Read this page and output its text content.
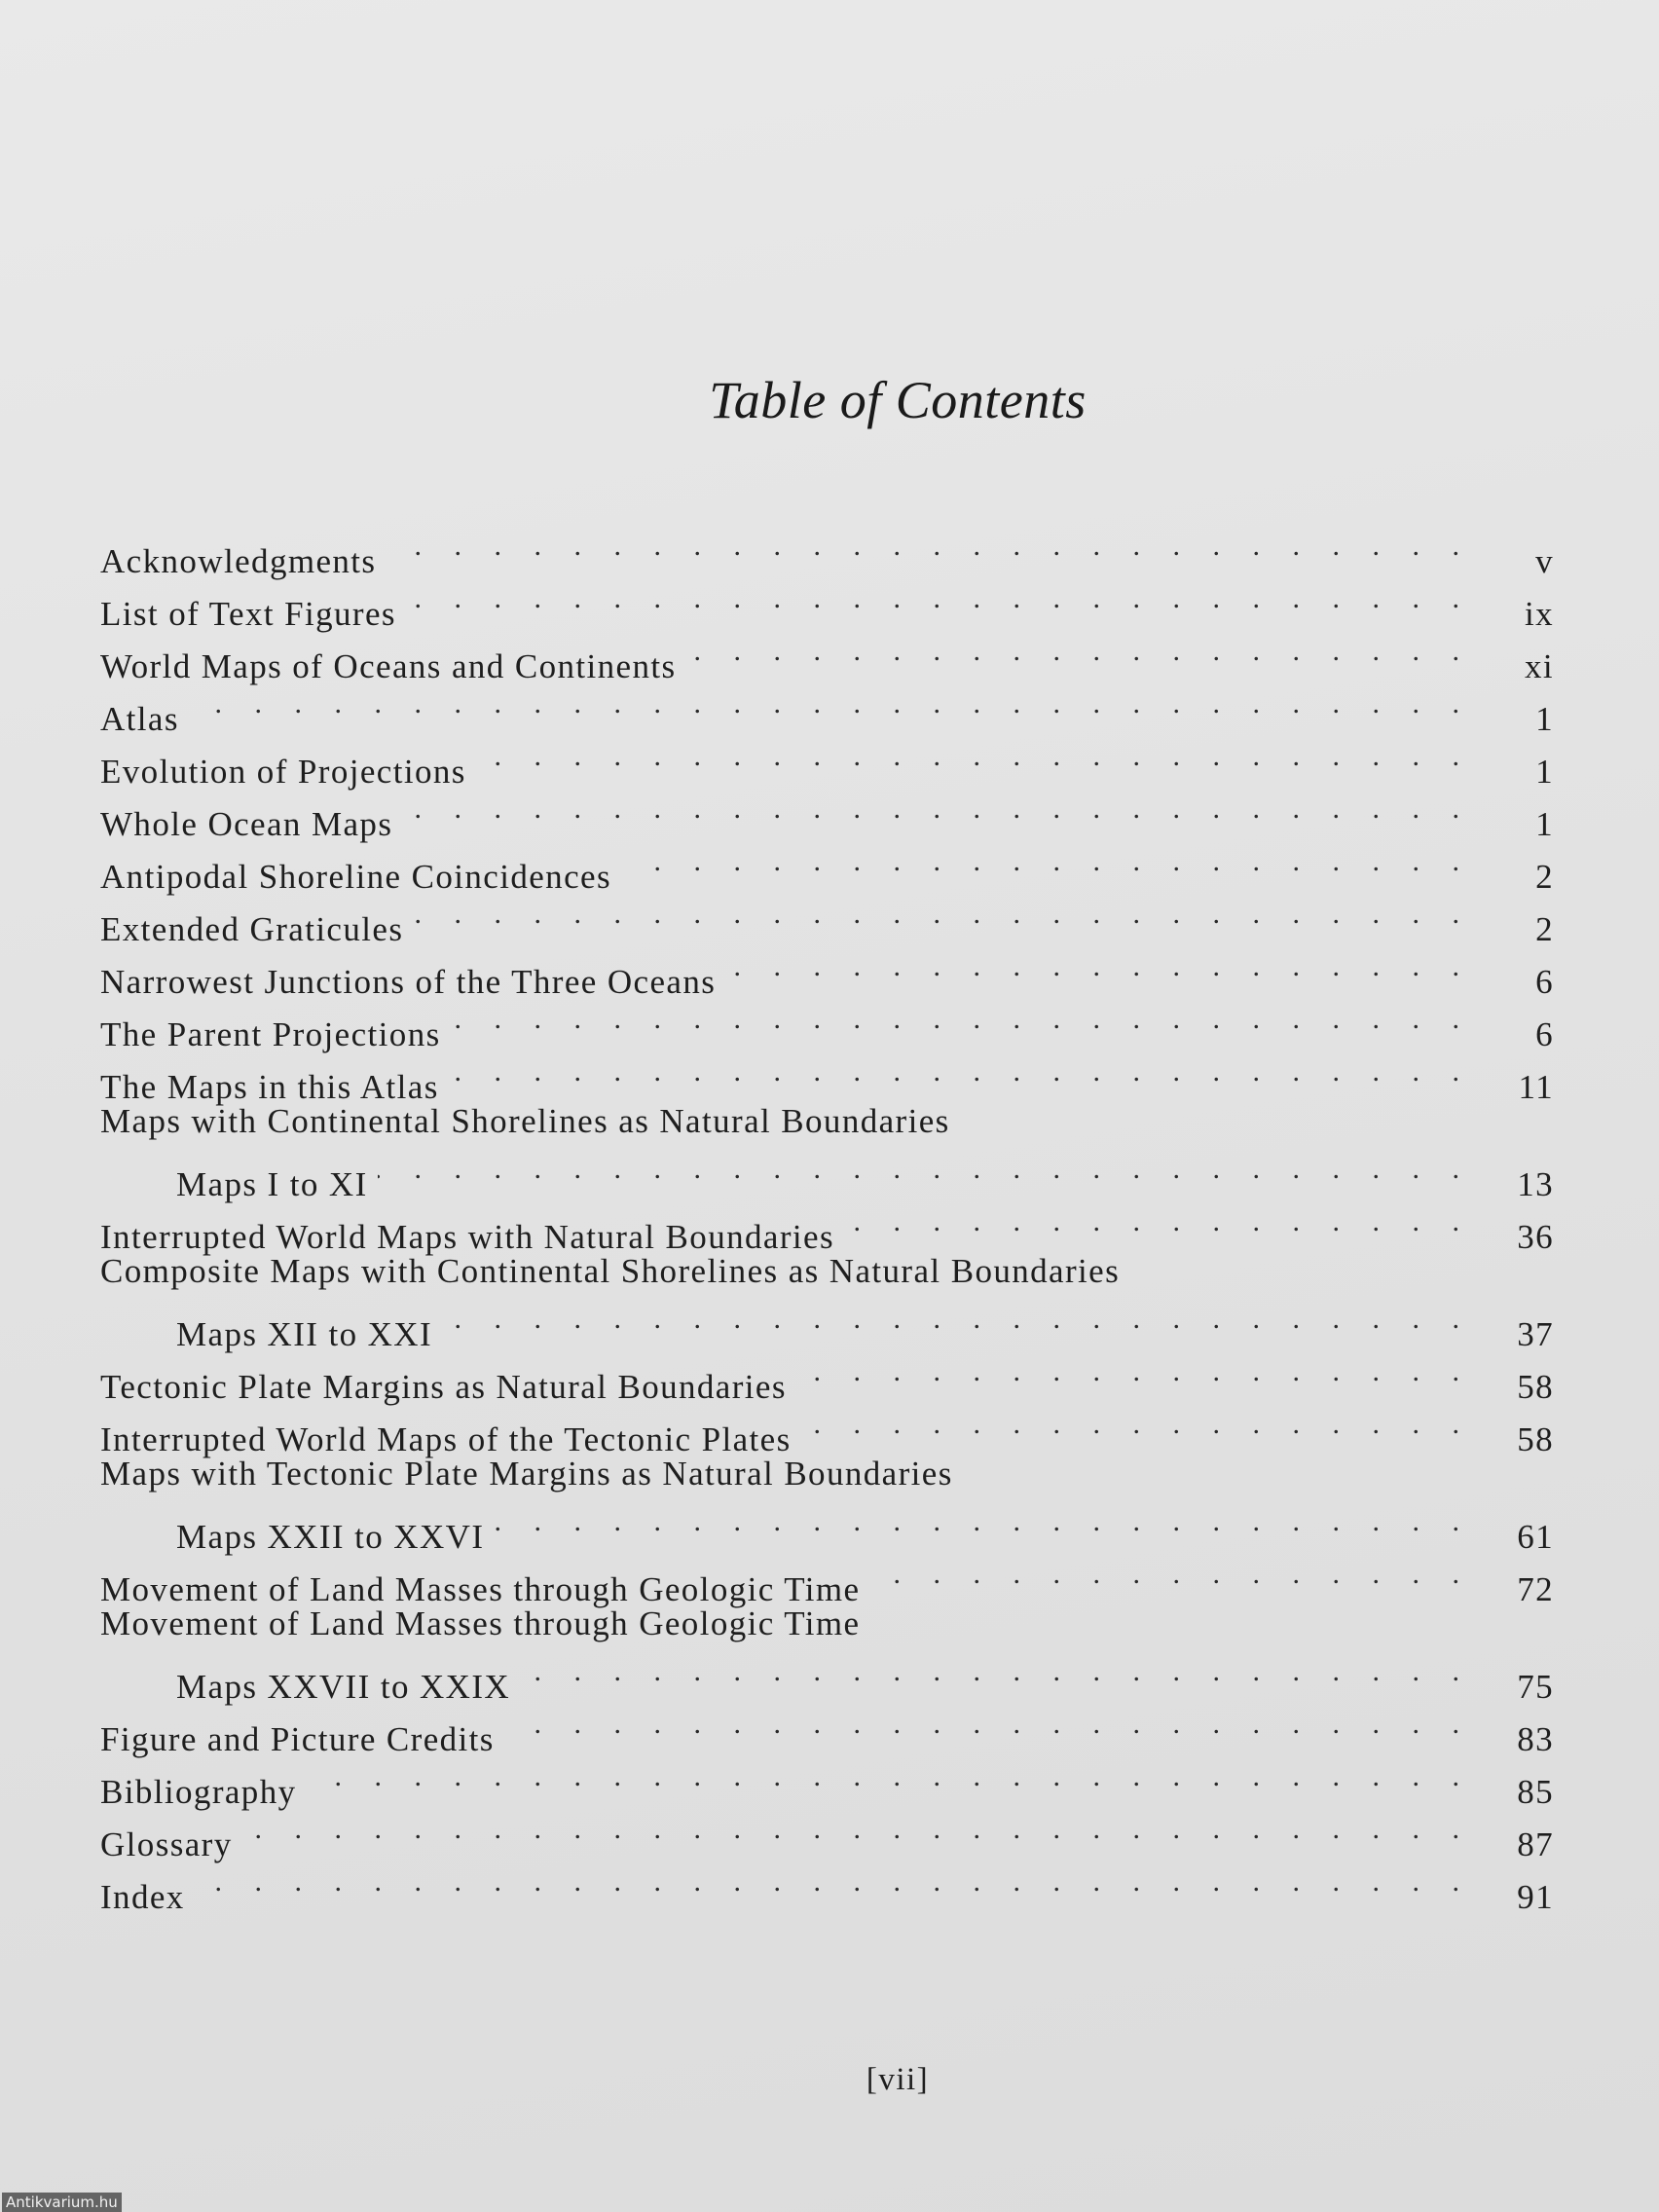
Table of Contents
Acknowledgments . . .	v
List of Text Figures . . .	ix
World Maps of Oceans and Continents . . .	xi
Atlas . . .	1
Evolution of Projections . . .	1
Whole Ocean Maps . . .	1
Antipodal Shoreline Coincidences . . .	2
Extended Graticules . . .	2
Narrowest Junctions of the Three Oceans . . .	6
The Parent Projections . . .	6
The Maps in this Atlas . . .	11
Maps with Continental Shorelines as Natural Boundaries
Maps I to XI . . .	13
Interrupted World Maps with Natural Boundaries . . .	36
Composite Maps with Continental Shorelines as Natural Boundaries
Maps XII to XXI . . .	37
Tectonic Plate Margins as Natural Boundaries . . .	58
Interrupted World Maps of the Tectonic Plates . . .	58
Maps with Tectonic Plate Margins as Natural Boundaries
Maps XXII to XXVI . . .	61
Movement of Land Masses through Geologic Time . . .	72
Movement of Land Masses through Geologic Time
Maps XXVII to XXIX . . .	75
Figure and Picture Credits . . .	83
Bibliography . . .	85
Glossary . . .	87
Index . . .	91
[vii]
Antikvarium.hu
